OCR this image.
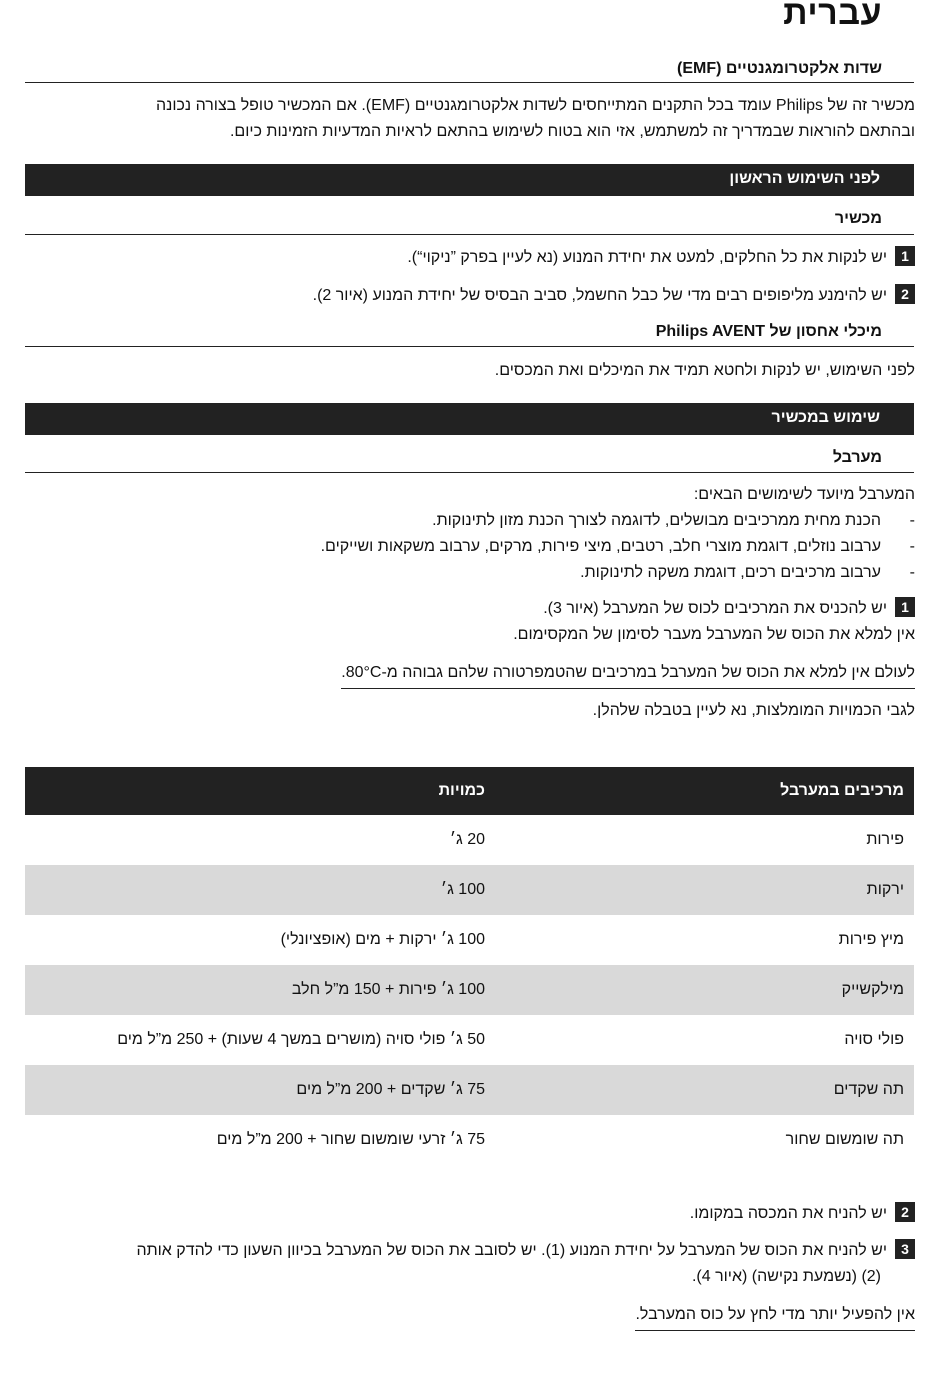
עברית
שדות אלקטרומגנטיים (EMF)
מכשיר זה של Philips עומד בכל התקנים המתייחסים לשדות אלקטרומגנטיים (EMF). אם המכשיר טופל בצורה נכונה
ובהתאם להוראות שבמדריך זה למשתמש, אזי הוא בטוח לשימוש בהתאם לראיות המדעיות הזמינות כיום.
לפני השימוש הראשון
מכשיר
1יש לנקות את כל החלקים, למעט את יחידת המנוע (נא לעיין בפרק ”ניקוי“).
2יש להימנע מליפופים רבים מדי של כבל החשמל, סביב הבסיס של יחידת המנוע (איור 2).
מיכלי אחסון של Philips AVENT
לפני השימוש, יש לנקות ולחטא תמיד את המיכלים ואת המכסים.
שימוש במכשיר
מערבל
המערבל מיועד לשימושים הבאים:
-הכנת מחית ממרכיבים מבושלים, לדוגמה לצורך הכנת מזון לתינוקות.
-ערבוב נוזלים, דוגמת מוצרי חלב, רטבים, מיצי פירות, מרקים, ערבוב משקאות ושייקים.
-ערבוב מרכיבים רכים, דוגמת משקה לתינוקות.
1יש להכניס את המרכיבים לכוס של המערבל (איור 3).
אין למלא את הכוס של המערבל מעבר לסימון של המקסימום.
לעולם אין למלא את הכוס של המערבל במרכיבים שהטמפרטורה שלהם גבוהה מ-80°C.
לגבי הכמויות המומלצות, נא לעיין בטבלה שלהלן.
מרכיבים במערבל
כמויות
פירות
20 ג׳
ירקות
100 ג׳
מיץ פירות
100 ג׳ ירקות + מים (אופציונלי)
מילקשייק
100 ג׳ פירות + 150 מ”ל חלב
פולי סויה
50 ג׳ פולי סויה (מושרים במשך 4 שעות) + 250 מ”ל מים
תה שקדים
75 ג׳ שקדים + 200 מ”ל מים
תה שומשום שחור
75 ג׳ זרעי שומשום שחור + 200 מ”ל מים
2יש להניח את המכסה במקומו.
3יש להניח את הכוס של המערבל על יחידת המנוע (1). יש לסובב את הכוס של המערבל בכיוון השעון כדי להדק אותה
(2) (נשמעת נקישה) (איור 4).
אין להפעיל יותר מדי לחץ על כוס המערבל.
